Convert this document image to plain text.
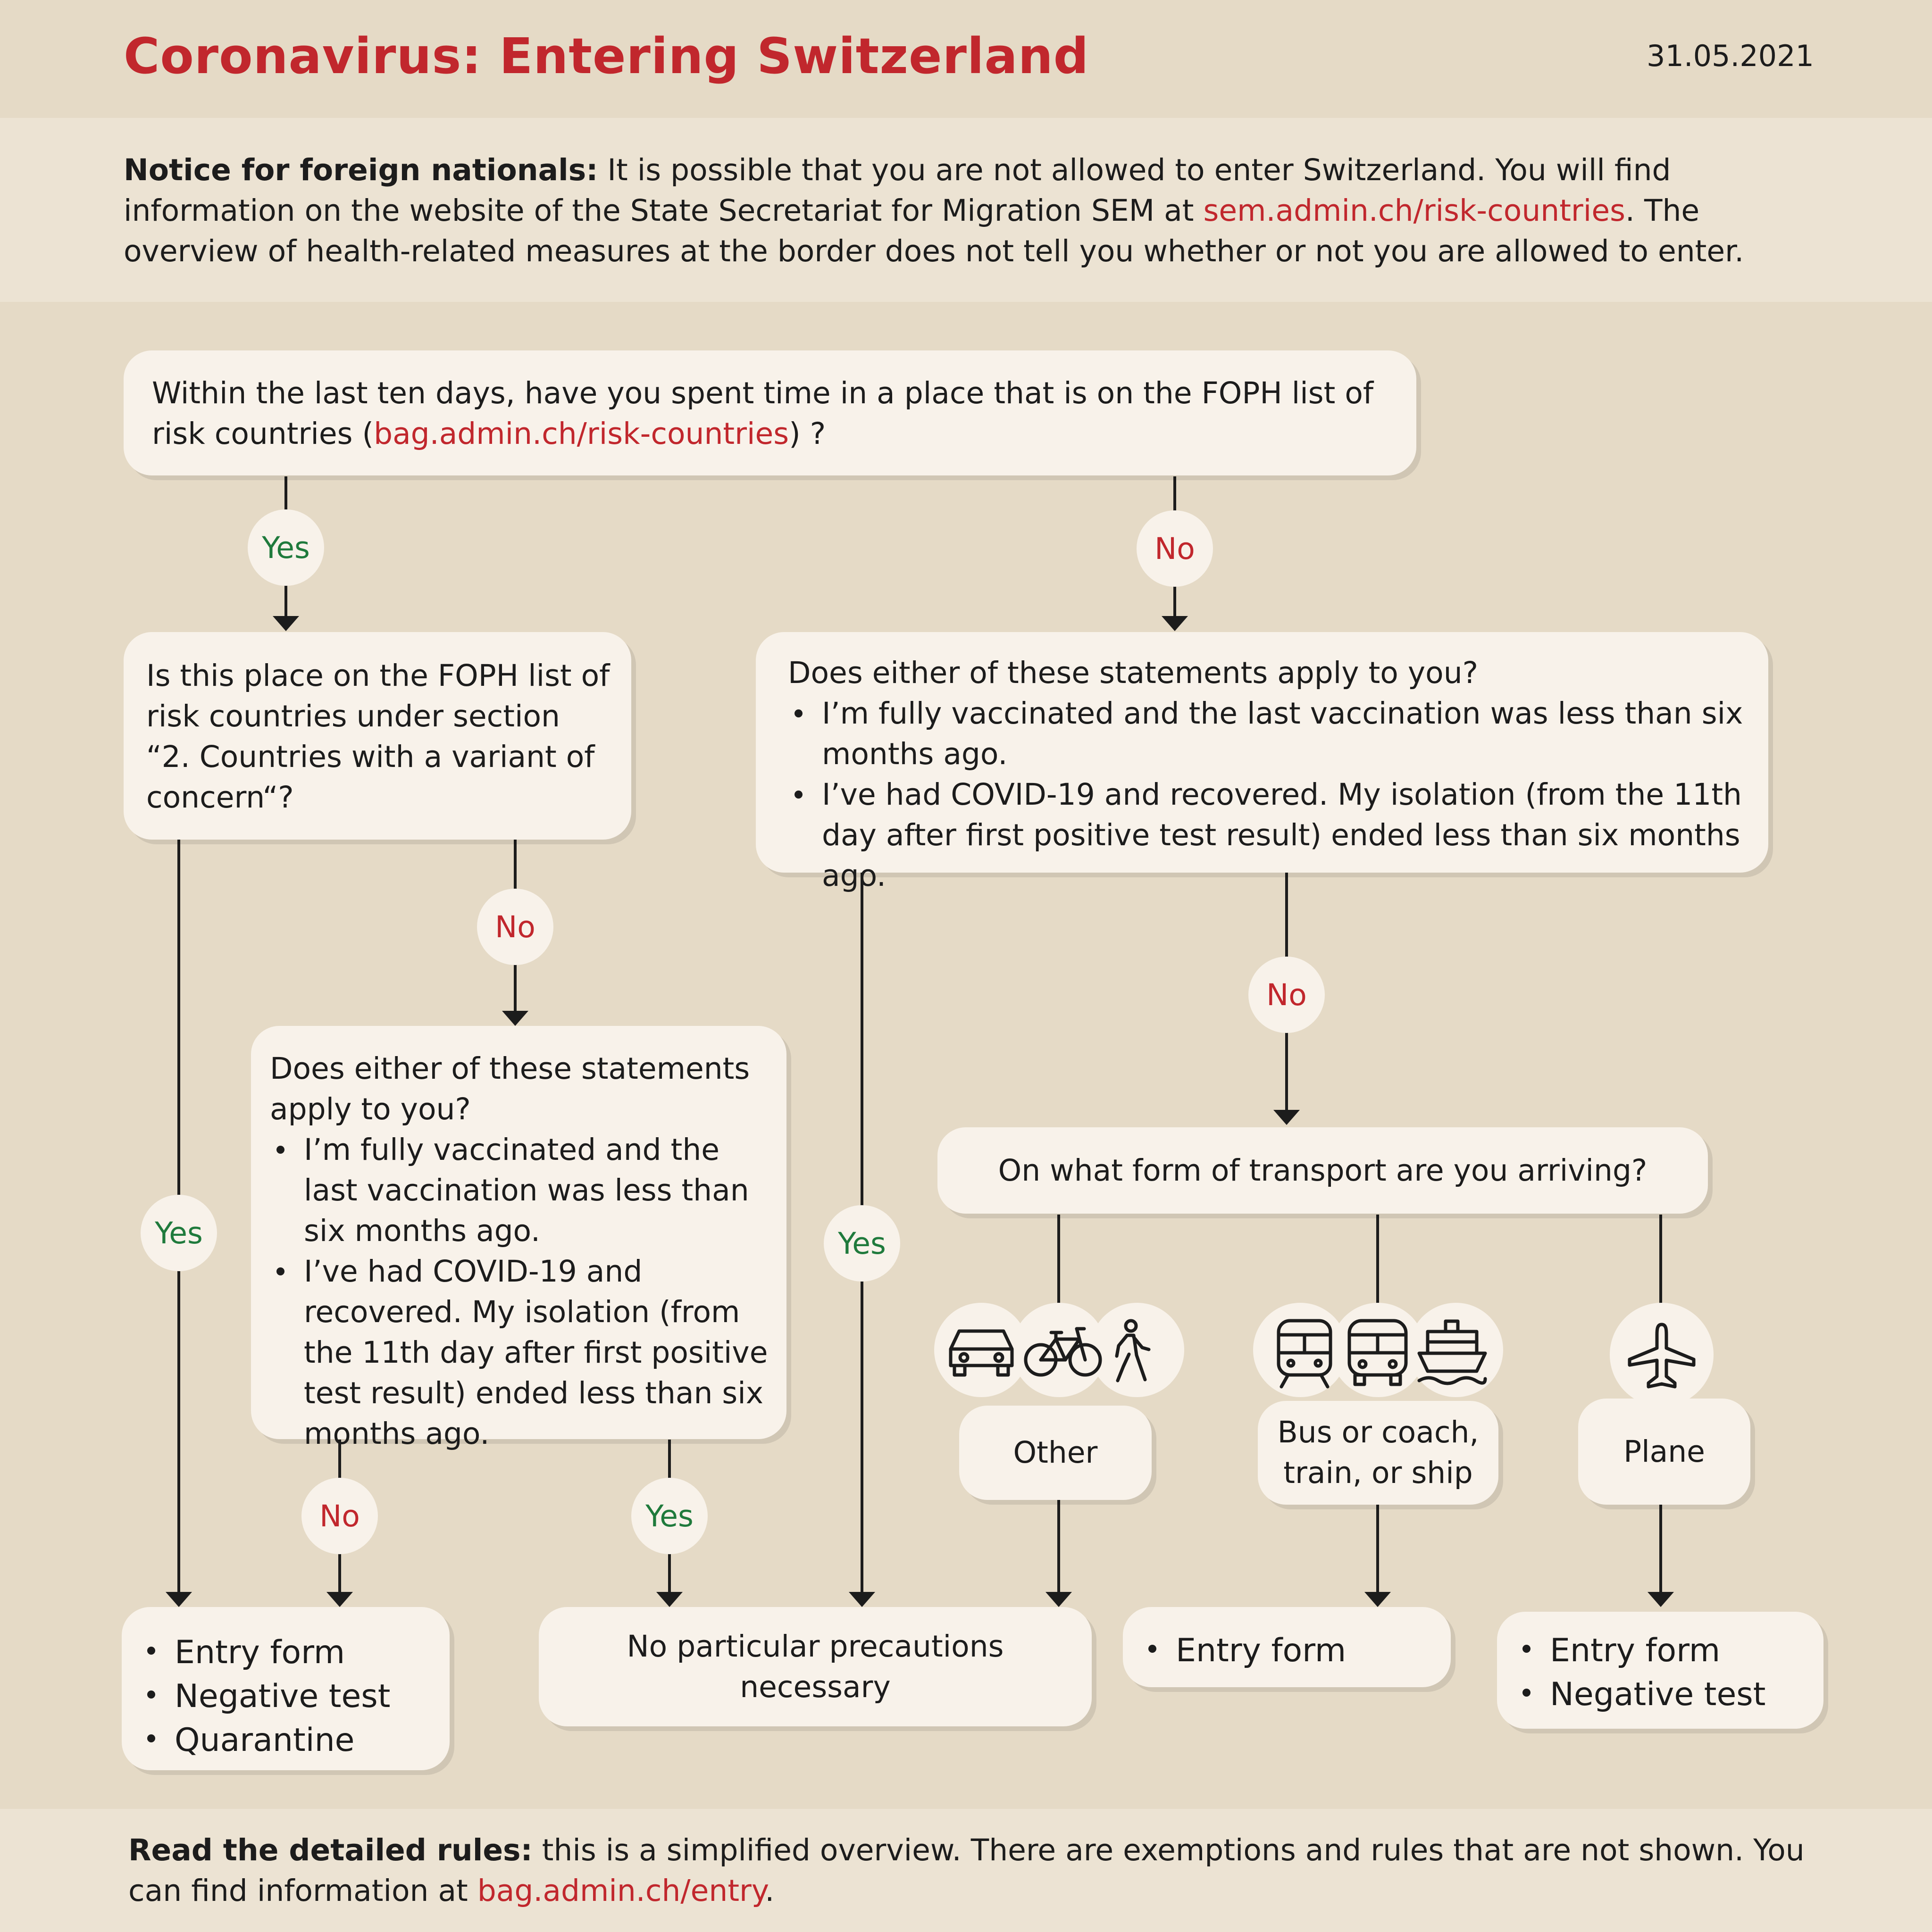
Coronavirus: Entering Switzerland	31.05.2021
Notice for foreign nationals: It is possible that you are not allowed to enter Switzerland. You will find information on the website of the State Secretariat for Migration SEM at sem.admin.ch/risk-countries. The overview of health-related measures at the border does not tell you whether or not you are allowed to enter.

Within the last ten days, have you spent time in a place that is on the FOPH list of risk countries (bag.admin.ch/risk-countries) ?

Is this place on the FOPH list of risk countries under section “2. Countries with a variant of concern“?

Does either of these statements apply to you?

I’m fully vaccinated and the last vaccination was less than six months ago.
I’ve had COVID-19 and recovered. My isolation (from the 11th day after first positive test result) ended less than six months ago.

Does either of these statements apply to you?

I’m fully vaccinated and the last vaccination was less than six months ago.
I’ve had COVID-19 and recovered. My isolation (from the 11th day after first positive test result) ended less than six months ago.

On what form of transport are you arriving?

Yes	No
Yes
No
No	Yes
Yes
No

Other

Bus or coach, train, or ship

Plane

Entry form
Negative test
Quarantine

No particular precautions necessary

Entry form	Entry form
Negative test
Read the detailed rules: this is a simplified overview. There are exemptions and rules that are not shown. You can find information at bag.admin.ch/entry.
